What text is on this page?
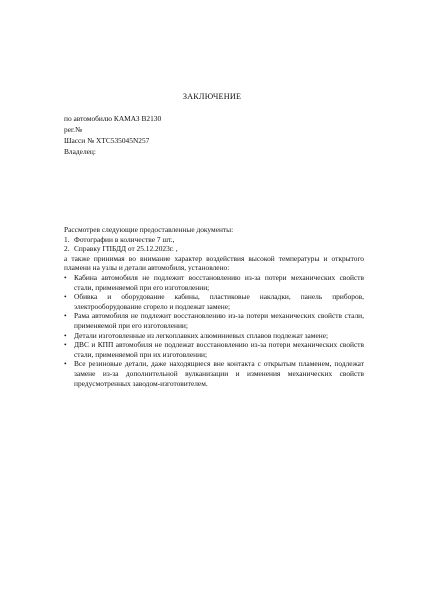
ЗАКЛЮЧЕНИЕ
по автомобилю КАМАЗ В2130
рег.№
Шасси № XTC535045N257
Владелец:

Рассмотрев следующие предоставленные документы:

1. Фотографии в количестве 7 шт.,
2. Справку ГПБДД от 25.12.2023г. ,

а также принимая во внимание характер воздействия высокой температуры и открытого пламени на узлы и детали автомобиля, установлено:

•	Кабина автомобиля не подлежит восстановлению из-за потери механических свойств стали, применяемой при его изготовлении;
•	Обивка и оборудование кабины, пластиковые накладки, панель приборов, электрооборудование сгорело и подлежат замене;
•	Рама автомобиля не подлежит восстановлению из-за потери механических свойств стали, применяемой при его изготовлении;
•	Детали изготовленные из легкоплавких алюминиевых сплавов подлежат замене;
•	ДВС и КПП автомобиля не подлежат восстановлению из-за потери механических свойств стали, применяемой при их изготовлении;
•	Все резиновые детали, даже находящиеся вне контакта с открытым пламенем, подлежат замене из-за дополнительной вулканизации и изменения механических свойств предусмотренных заводом-изготовителем.
